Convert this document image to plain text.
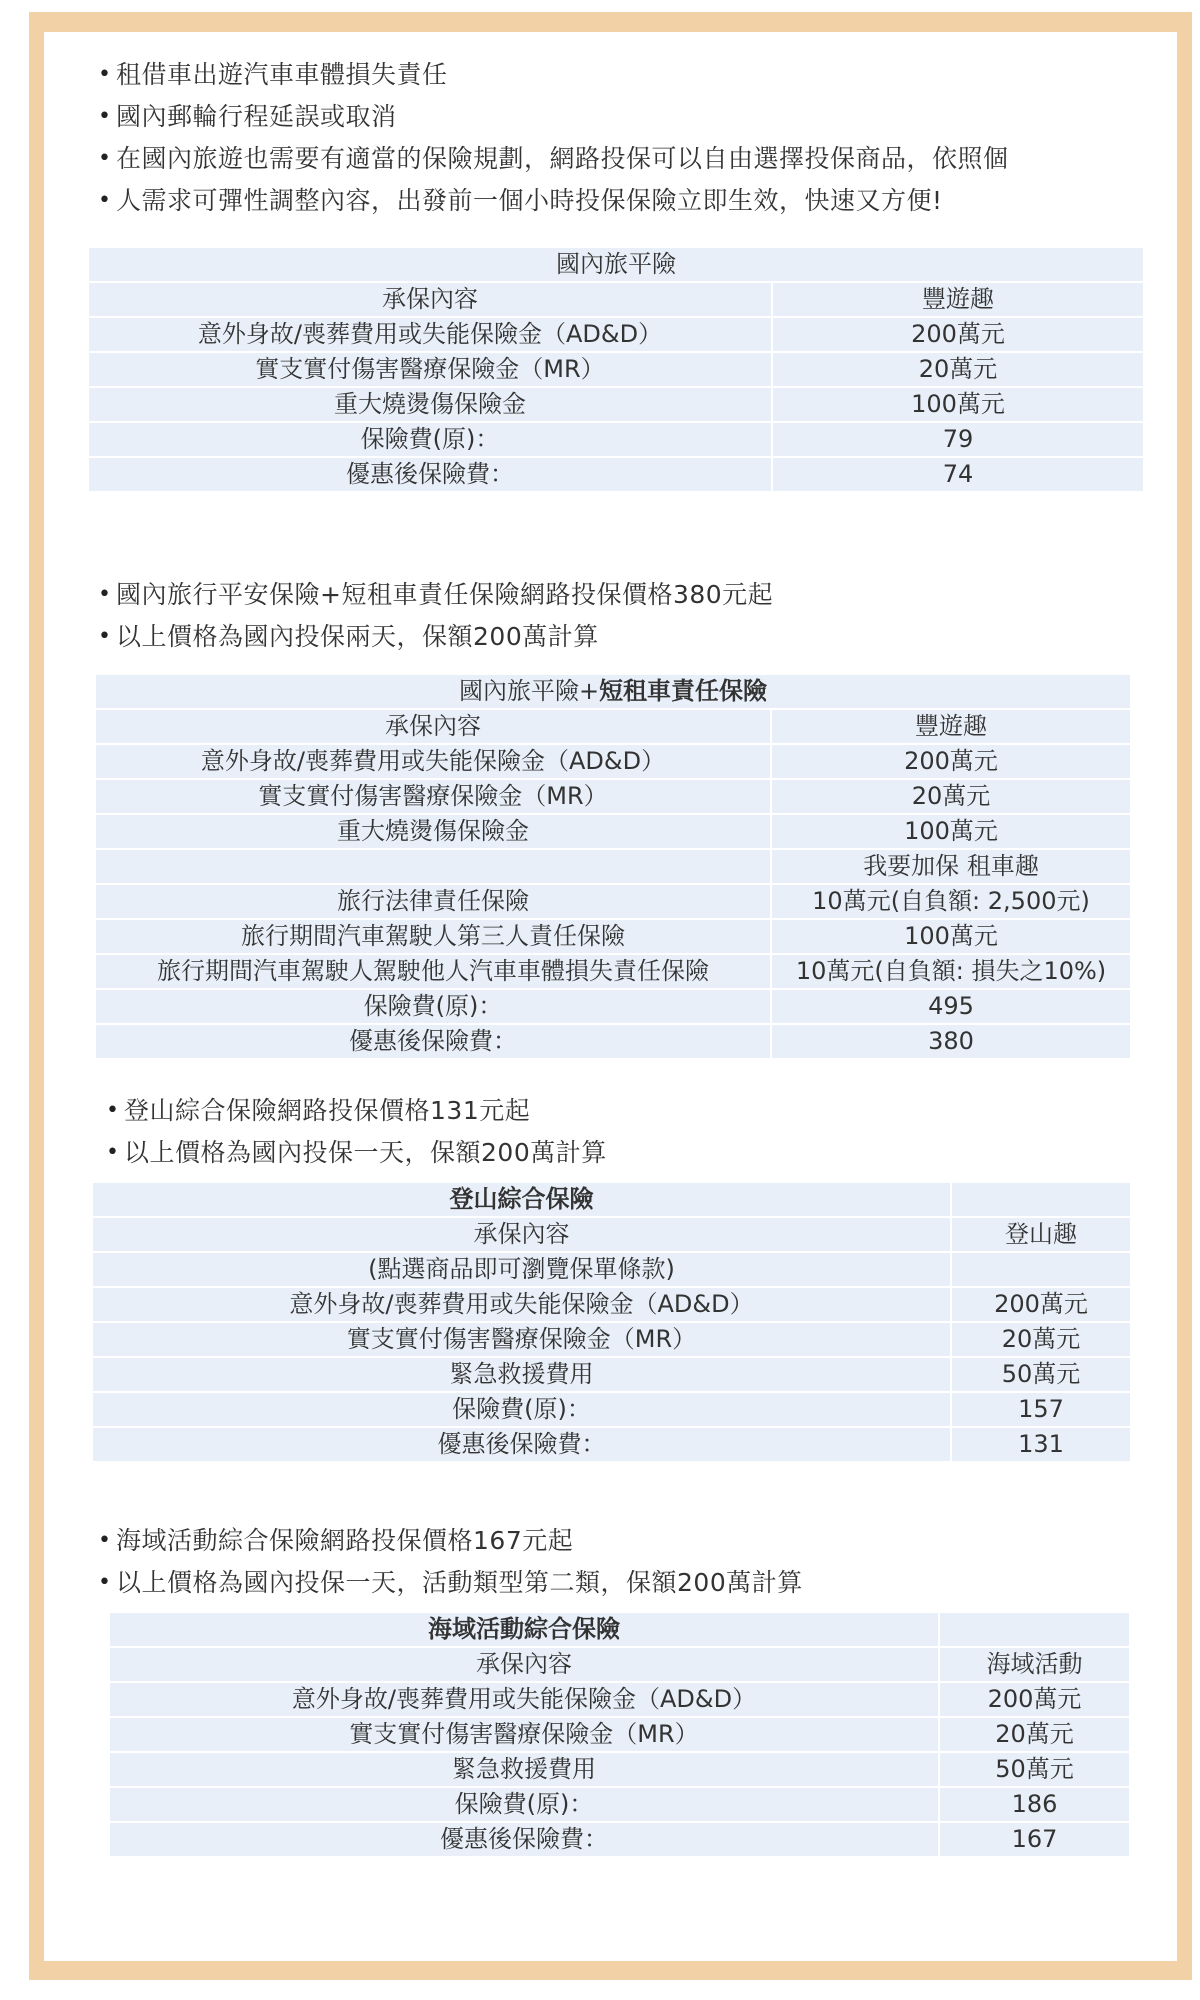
• 租借車出遊汽車車體損失責任
• 國內郵輪行程延誤或取消
• 在國內旅遊也需要有適當的保險規劃，網路投保可以自由選擇投保商品，依照個
• 人需求可彈性調整內容，出發前一個小時投保保險立即生效，快速又方便!
國內旅平險	
承保內容	豐遊趣
意外身故/喪葬費用或失能保險金（AD&D）	200萬元
實支實付傷害醫療保險金（MR）	20萬元
重大燒燙傷保險金	100萬元
保險費(原)：	79
優惠後保險費：	74
• 國內旅行平安保險+短租車責任保險網路投保價格380元起
• 以上價格為國內投保兩天，保額200萬計算
國內旅平險+短租車責任保險	
承保內容	豐遊趣
意外身故/喪葬費用或失能保險金（AD&D）	200萬元
實支實付傷害醫療保險金（MR）	20萬元
重大燒燙傷保險金	100萬元
	我要加保 租車趣
旅行法律責任保險	10萬元(自負額: 2,500元)
旅行期間汽車駕駛人第三人責任保險	100萬元
旅行期間汽車駕駛人駕駛他人汽車車體損失責任保險	10萬元(自負額: 損失之10%)
保險費(原)：	495
優惠後保險費：	380
• 登山綜合保險網路投保價格131元起
• 以上價格為國內投保一天，保額200萬計算
登山綜合保險	
承保內容	登山趣
(點選商品即可瀏覽保單條款)	
意外身故/喪葬費用或失能保險金（AD&D）	200萬元
實支實付傷害醫療保險金（MR）	20萬元
緊急救援費用	50萬元
保險費(原)：	157
優惠後保險費：	131
• 海域活動綜合保險網路投保價格167元起
• 以上價格為國內投保一天，活動類型第二類，保額200萬計算
海域活動綜合保險	
承保內容	海域活動
意外身故/喪葬費用或失能保險金（AD&D）	200萬元
實支實付傷害醫療保險金（MR）	20萬元
緊急救援費用	50萬元
保險費(原)：	186
優惠後保險費：	167
